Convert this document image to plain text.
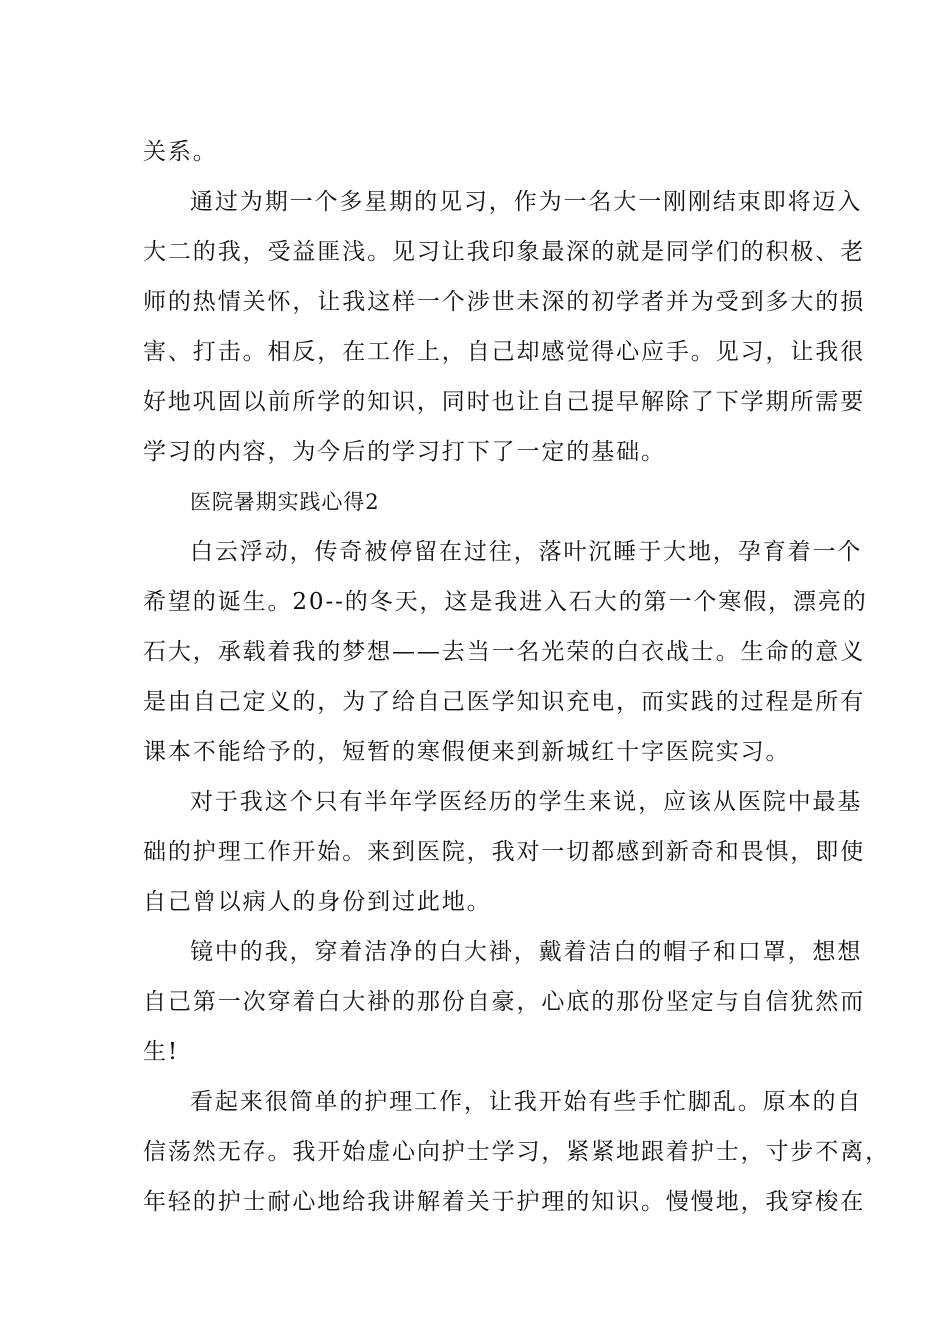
关系。
通过为期一个多星期的见习，作为一名大一刚刚结束即将迈入
大二的我，受益匪浅。见习让我印象最深的就是同学们的积极、老
师的热情关怀，让我这样一个涉世未深的初学者并为受到多大的损
害、打击。相反，在工作上，自己却感觉得心应手。见习，让我很
好地巩固以前所学的知识，同时也让自己提早解除了下学期所需要
学习的内容，为今后的学习打下了一定的基础。
医院暑期实践心得2
白云浮动，传奇被停留在过往，落叶沉睡于大地，孕育着一个
希望的诞生。20--的冬天，这是我进入石大的第一个寒假，漂亮的
石大，承载着我的梦想——去当一名光荣的白衣战士。生命的意义
是由自己定义的，为了给自己医学知识充电，而实践的过程是所有
课本不能给予的，短暂的寒假便来到新城红十字医院实习。
对于我这个只有半年学医经历的学生来说，应该从医院中最基
础的护理工作开始。来到医院，我对一切都感到新奇和畏惧，即使
自己曾以病人的身份到过此地。
镜中的我，穿着洁净的白大褂，戴着洁白的帽子和口罩，想想
自己第一次穿着白大褂的那份自豪，心底的那份坚定与自信犹然而
生!
看起来很简单的护理工作，让我开始有些手忙脚乱。原本的自
信荡然无存。我开始虚心向护士学习，紧紧地跟着护士，寸步不离，
年轻的护士耐心地给我讲解着关于护理的知识。慢慢地，我穿梭在
